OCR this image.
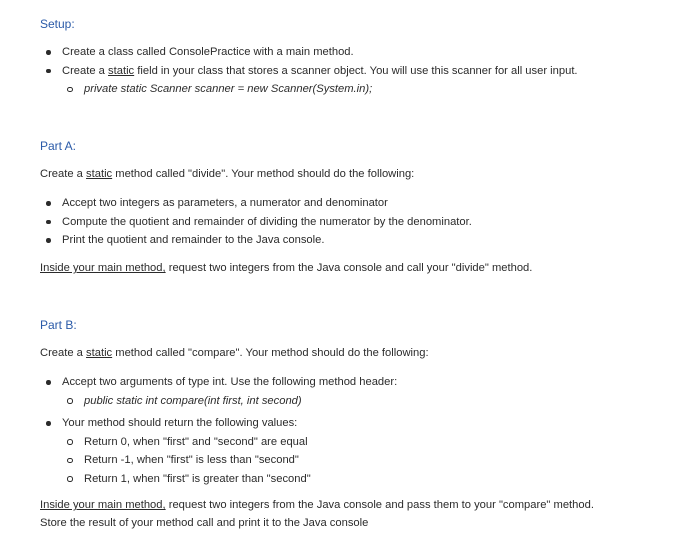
Setup:
Create a class called ConsolePractice with a main method.
Create a static field in your class that stores a scanner object. You will use this scanner for all user input.
private static Scanner scanner = new Scanner(System.in);
Part A:

Create a static method called "divide". Your method should do the following:

Accept two integers as parameters, a numerator and denominator
Compute the quotient and remainder of dividing the numerator by the denominator.
Print the quotient and remainder to the Java console.

Inside your main method, request two integers from the Java console and call your "divide" method.

Part B:

Create a static method called "compare". Your method should do the following:

Accept two arguments of type int. Use the following method header:
public static int compare(int first, int second)
Your method should return the following values:
Return 0, when "first" and "second" are equal
Return -1, when "first" is less than "second"
Return 1, when "first" is greater than "second"

Inside your main method, request two integers from the Java console and pass them to your "compare" method.

Store the result of your method call and print it to the Java console
